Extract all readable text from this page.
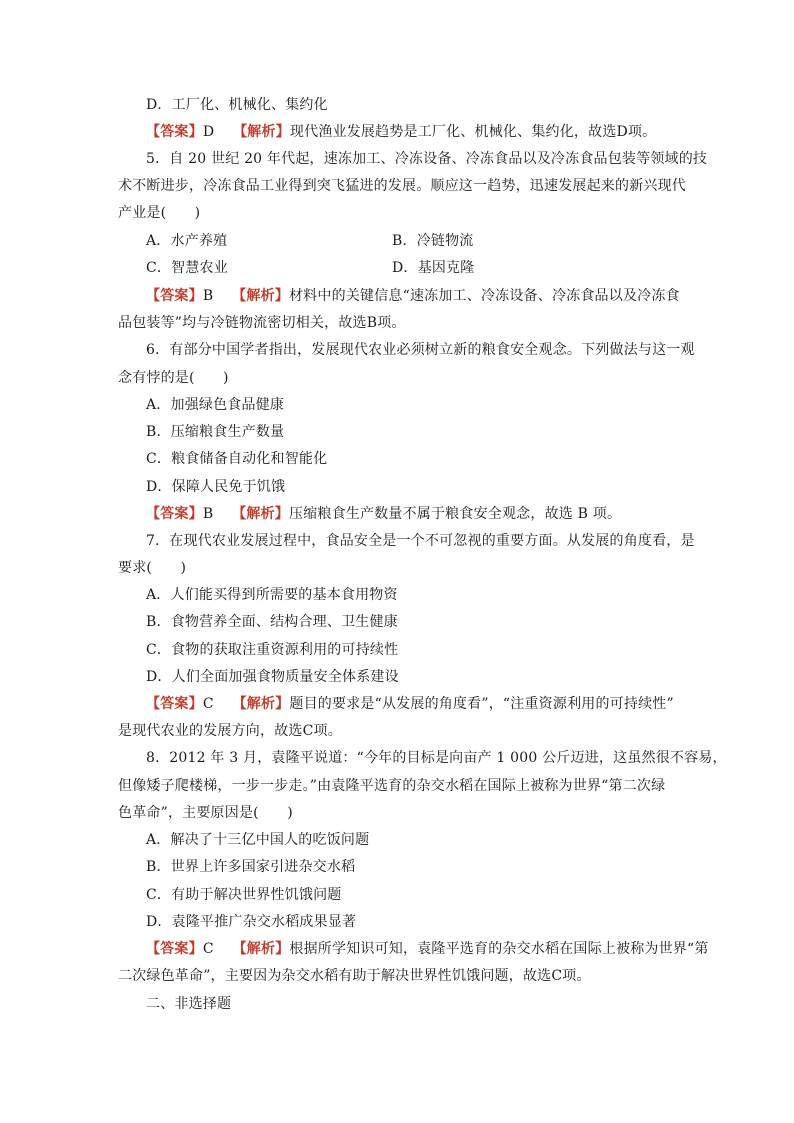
D．工厂化、机械化、集约化
【答案】D　 【解析】现代渔业发展趋势是工厂化、机械化、集约化，故选D项。
5．自 20 世纪 20 年代起，速冻加工、冷冻设备、冷冻食品以及冷冻食品包装等领域的技
术不断进步，冷冻食品工业得到突飞猛进的发展。顺应这一趋势，迅速发展起来的新兴现代
产业是(　　)
A．水产养殖	B．冷链物流
C．智慧农业	D．基因克隆
【答案】B　 【解析】材料中的关键信息“速冻加工、冷冻设备、冷冻食品以及冷冻食
品包装等”均与冷链物流密切相关，故选B项。
6．有部分中国学者指出，发展现代农业必须树立新的粮食安全观念。下列做法与这一观
念有悖的是(　　)
A．加强绿色食品健康
B．压缩粮食生产数量
C．粮食储备自动化和智能化
D．保障人民免于饥饿
【答案】B　 【解析】压缩粮食生产数量不属于粮食安全观念，故选 B 项。
7．在现代农业发展过程中，食品安全是一个不可忽视的重要方面。从发展的角度看，是
要求(　　)
A．人们能买得到所需要的基本食用物资
B．食物营养全面、结构合理、卫生健康
C．食物的获取注重资源利用的可持续性
D．人们全面加强食物质量安全体系建设
【答案】C　 【解析】题目的要求是“从发展的角度看”，“注重资源利用的可持续性”
是现代农业的发展方向，故选C项。
8．2012 年 3 月，袁隆平说道：“今年的目标是向亩产 1 000 公斤迈进，这虽然很不容易，
但像矮子爬楼梯，一步一步走。”由袁隆平选育的杂交水稻在国际上被称为世界“第二次绿
色革命”，主要原因是(　　)
A．解决了十三亿中国人的吃饭问题
B．世界上许多国家引进杂交水稻
C．有助于解决世界性饥饿问题
D．袁隆平推广杂交水稻成果显著
【答案】C　 【解析】根据所学知识可知，袁隆平选育的杂交水稻在国际上被称为世界“第
二次绿色革命”，主要因为杂交水稻有助于解决世界性饥饿问题，故选C项。
二、非选择题
